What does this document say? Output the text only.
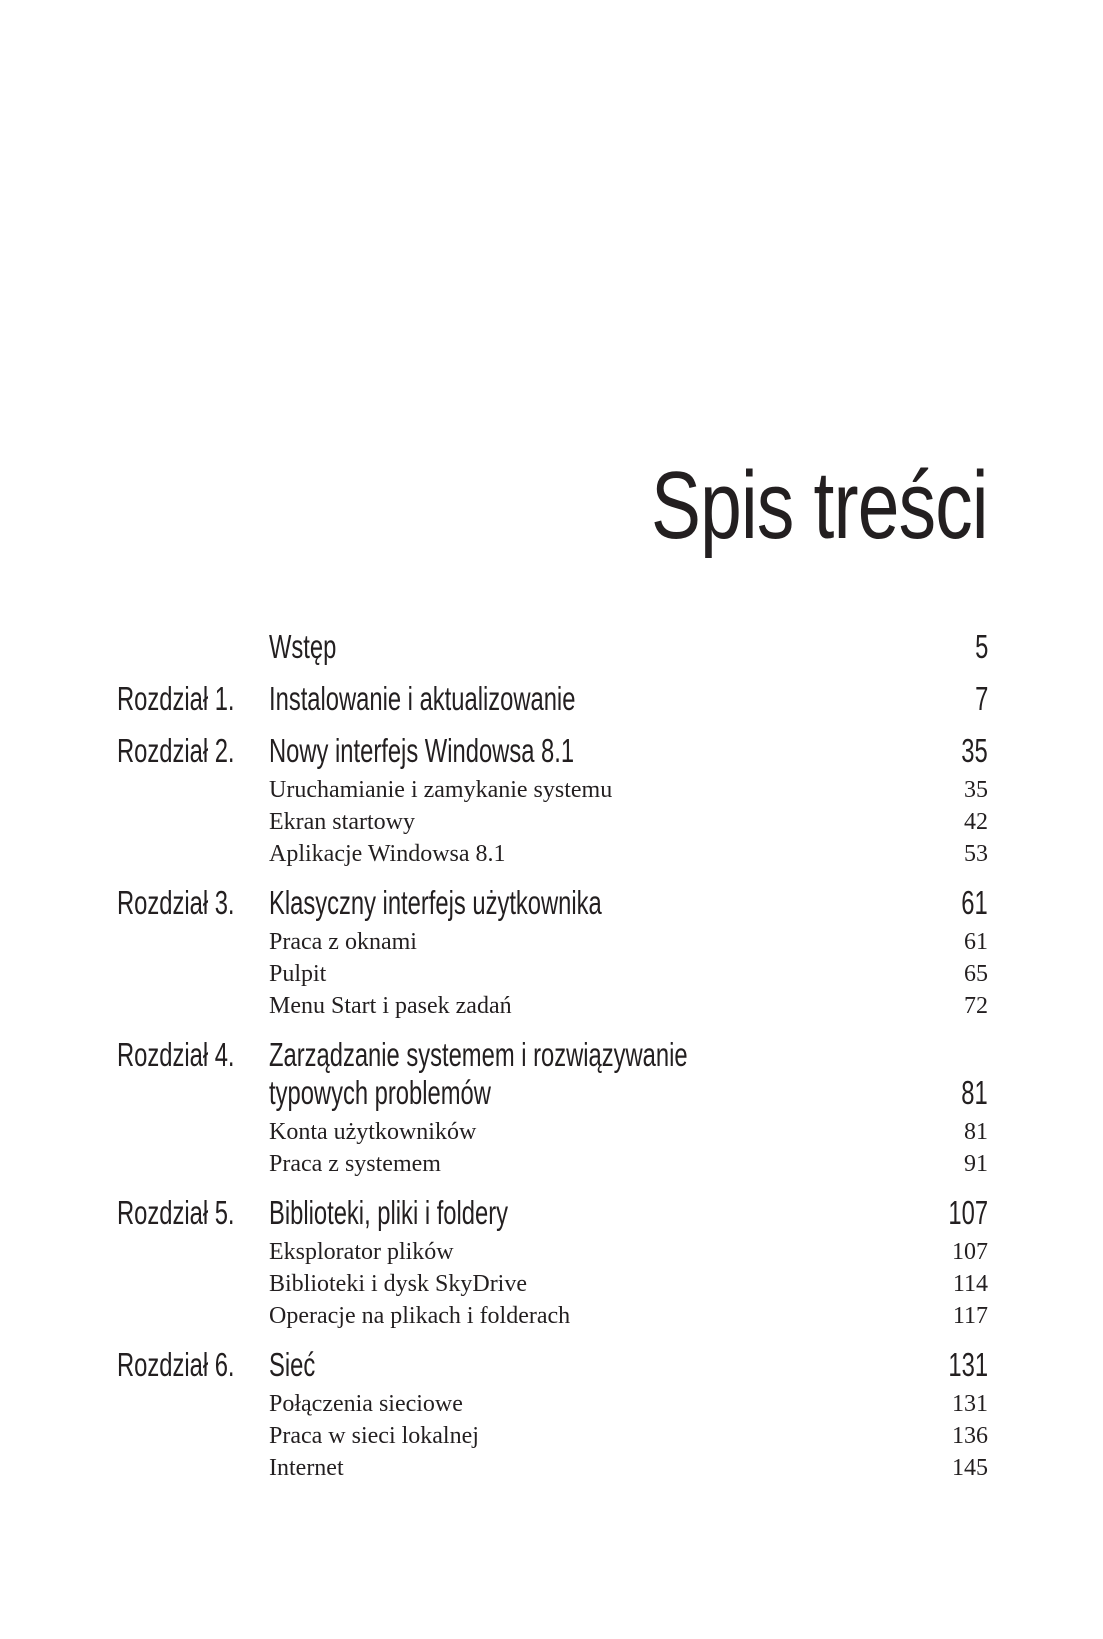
Spis treści
Wstęp	5
Rozdział 1. Instalowanie i aktualizowanie	7
Rozdział 2. Nowy interfejs Windowsa 8.1	35
Uruchamianie i zamykanie systemu	35
Ekran startowy	42
Aplikacje Windowsa 8.1	53
Rozdział 3. Klasyczny interfejs użytkownika	61
Praca z oknami	61
Pulpit	65
Menu Start i pasek zadań	72
Rozdział 4. Zarządzanie systemem i rozwiązywanie
typowych problemów	81
Konta użytkowników	81
Praca z systemem	91
Rozdział 5. Biblioteki, pliki i foldery	107
Eksplorator plików	107
Biblioteki i dysk SkyDrive	114
Operacje na plikach i folderach	117
Rozdział 6. Sieć	131
Połączenia sieciowe	131
Praca w sieci lokalnej	136
Internet	145
